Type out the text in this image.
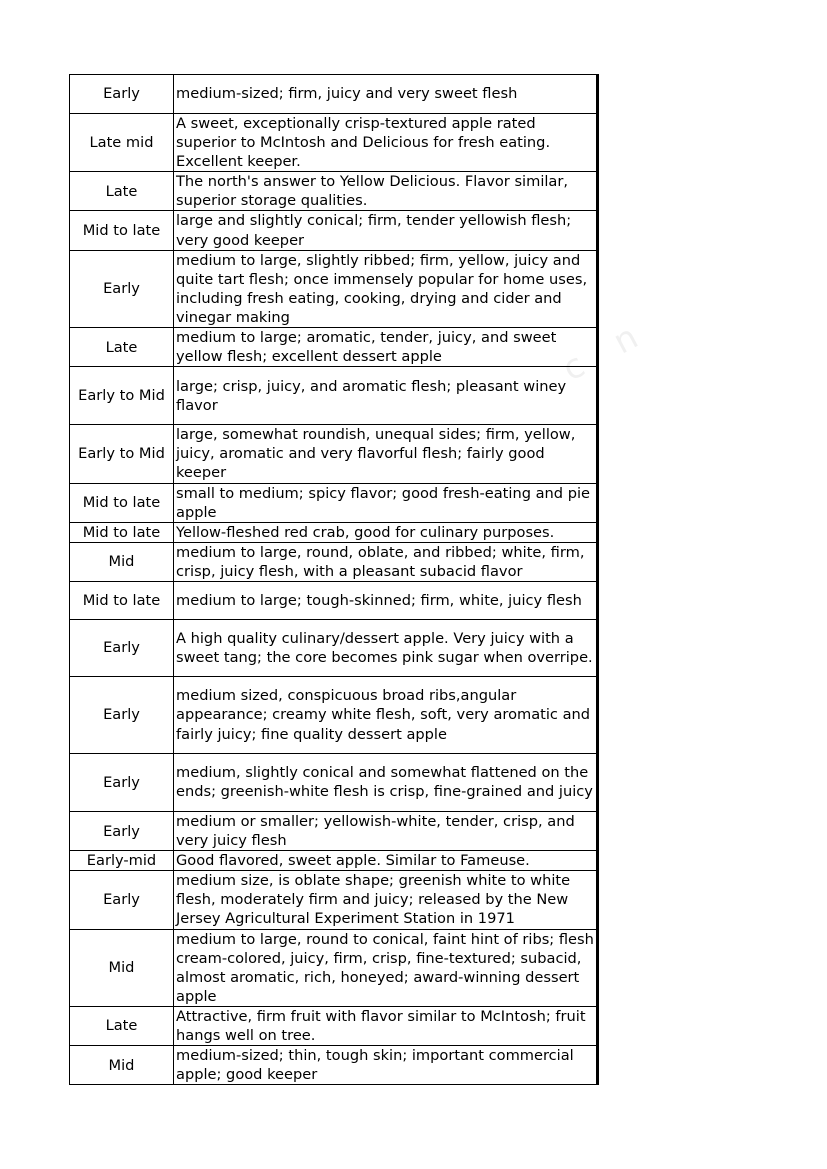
c n
Early	medium-sized; firm, juicy and very sweet flesh
Late mid	A sweet, exceptionally crisp-textured apple rated superior to McIntosh and Delicious for fresh eating. Excellent keeper.
Late	The north's answer to Yellow Delicious. Flavor similar, superior storage qualities.
Mid to late	large and slightly conical; firm, tender yellowish flesh; very good keeper
Early	medium to large, slightly ribbed; firm, yellow, juicy and quite tart flesh; once immensely popular for home uses, including fresh eating, cooking, drying and cider and vinegar making
Late	medium to large; aromatic, tender, juicy, and sweet yellow flesh; excellent dessert apple
Early to Mid	large; crisp, juicy, and aromatic flesh; pleasant winey flavor
Early to Mid	large, somewhat roundish, unequal sides; firm, yellow, juicy, aromatic and very flavorful flesh; fairly good keeper
Mid to late	small to medium; spicy flavor; good fresh-eating and pie apple
Mid to late	Yellow-fleshed red crab, good for culinary purposes.
Mid	medium to large, round, oblate, and ribbed; white, firm, crisp, juicy flesh, with a pleasant subacid flavor
Mid to late	medium to large; tough-skinned; firm, white, juicy flesh
Early	A high quality culinary/dessert apple. Very juicy with a sweet tang; the core becomes pink sugar when overripe.
Early	medium sized, conspicuous broad ribs,angular appearance; creamy white flesh, soft, very aromatic and fairly juicy; fine quality dessert apple
Early	medium, slightly conical and somewhat flattened on the ends; greenish-white flesh is crisp, fine-grained and juicy
Early	medium or smaller; yellowish-white, tender, crisp, and very juicy flesh
Early-mid	Good flavored, sweet apple. Similar to Fameuse.
Early	medium size, is oblate shape; greenish white to white flesh, moderately firm and juicy; released by the New Jersey Agricultural Experiment Station in 1971
Mid	medium to large, round to conical, faint hint of ribs; flesh cream-colored, juicy, firm, crisp, fine-textured; subacid, almost aromatic, rich, honeyed; award-winning dessert apple
Late	Attractive, firm fruit with flavor similar to McIntosh; fruit hangs well on tree.
Mid	medium-sized; thin, tough skin; important commercial apple; good keeper
